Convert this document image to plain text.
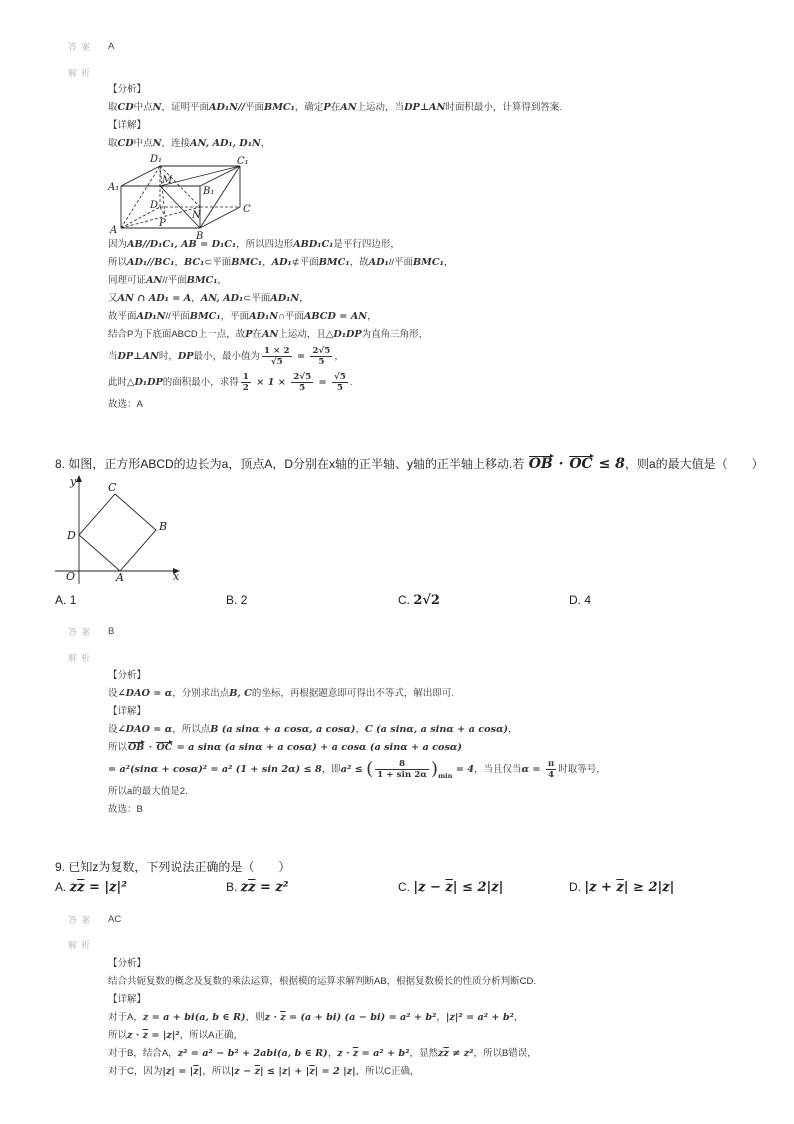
答案 A
解析
【分析】
取CD中点N，证明平面AD₁N//平面BMC₁，确定P在AN上运动，当DP⊥AN时面积最小，计算得到答案.
【详解】
取CD中点N，连接AN, AD₁, D₁N，
D₁	C₁
A₁
M
B₁
D
N
C
A
P
B
因为AB//D₁C₁, AB = D₁C₁，所以四边形ABD₁C₁是平行四边形，
所以AD₁//BC₁，BC₁⊂平面BMC₁，AD₁⊄平面BMC₁，故AD₁//平面BMC₁，
同理可证AN//平面BMC₁，
又AN ∩ AD₁ = A，AN, AD₁⊂平面AD₁N，
故平面AD₁N//平面BMC₁，平面AD₁N∩平面ABCD = AN，
结合P为下底面ABCD上一点，故P在AN上运动，且△D₁DP为直角三角形，
当DP⊥AN时，DP最小，最小值为 $\frac{1 \times 2}{√5} = \frac{2√5}{5}$ ，
此时△D₁DP的面积最小，求得 $\frac{1}{2} \times 1 \times \frac{2√5}{5} = \frac{√5}{5}$ .
故选：A
8. 如图，正方形ABCD的边长为a，顶点A，D分别在x轴的正半轴、y轴的正半轴上移动.若 OB · OC ≤ 8，则a的最大值是（　　）
y	C
B
D
O	A	x
A. 1	B. 2	C. 2√2	D. 4
答案 B
解析
【分析】
设∠DAO = α，分别求出点B, C的坐标，再根据题意即可得出不等式，解出即可.
【详解】
设∠DAO = α，所以点B (a sinα + a cosα, a cosα)，C (a sinα, a sinα + a cosα)，
所以OB · OC = a sinα (a sinα + a cosα) + a cosα (a sinα + a cosα)
= a²(sinα + cosα)² = a² (1 + sin 2α) ≤ 8，即a² ≤ ( $\frac{8}{1 + \sin 2\alpha} )_{min} = 4$，当且仅当$\alpha = \frac{\pi}{4}$ 时取等号，
所以a的最大值是2.
故选：B
9. 已知z为复数，下列说法正确的是（　　）
A. $z\overline{z} = |z|^2$	B. $z\overline{z} = z^2$	C. $|z - \overline{z}| \le 2|z|$	D. $|z + \overline{z}| \ge 2|z|$
答案 AC
解析
【分析】
结合共轭复数的概念及复数的乘法运算，根据模的运算求解判断AB，根据复数模长的性质分析判断CD.
【详解】
对于A，z = a + bi(a, b ∈ R)，则$z \cdot \overline{z} = (a + bi) (a - bi) = a^2 + b^2$，|z|² = a² + b²，
所以$z \cdot \overline{z} = |z|^2$，所以A正确，
对于B，结合A，z² = a² − b² + 2abi(a, b ∈ R)，$z \cdot \overline{z} = a^2 + b^2$，显然$z\overline{z} \ne z^2$，所以B错误，
对于C，因为$|z| = |\overline{z}|$，所以$|z - \overline{z}| \le |z| + |\overline{z}| = 2$ |z|，所以C正确，
